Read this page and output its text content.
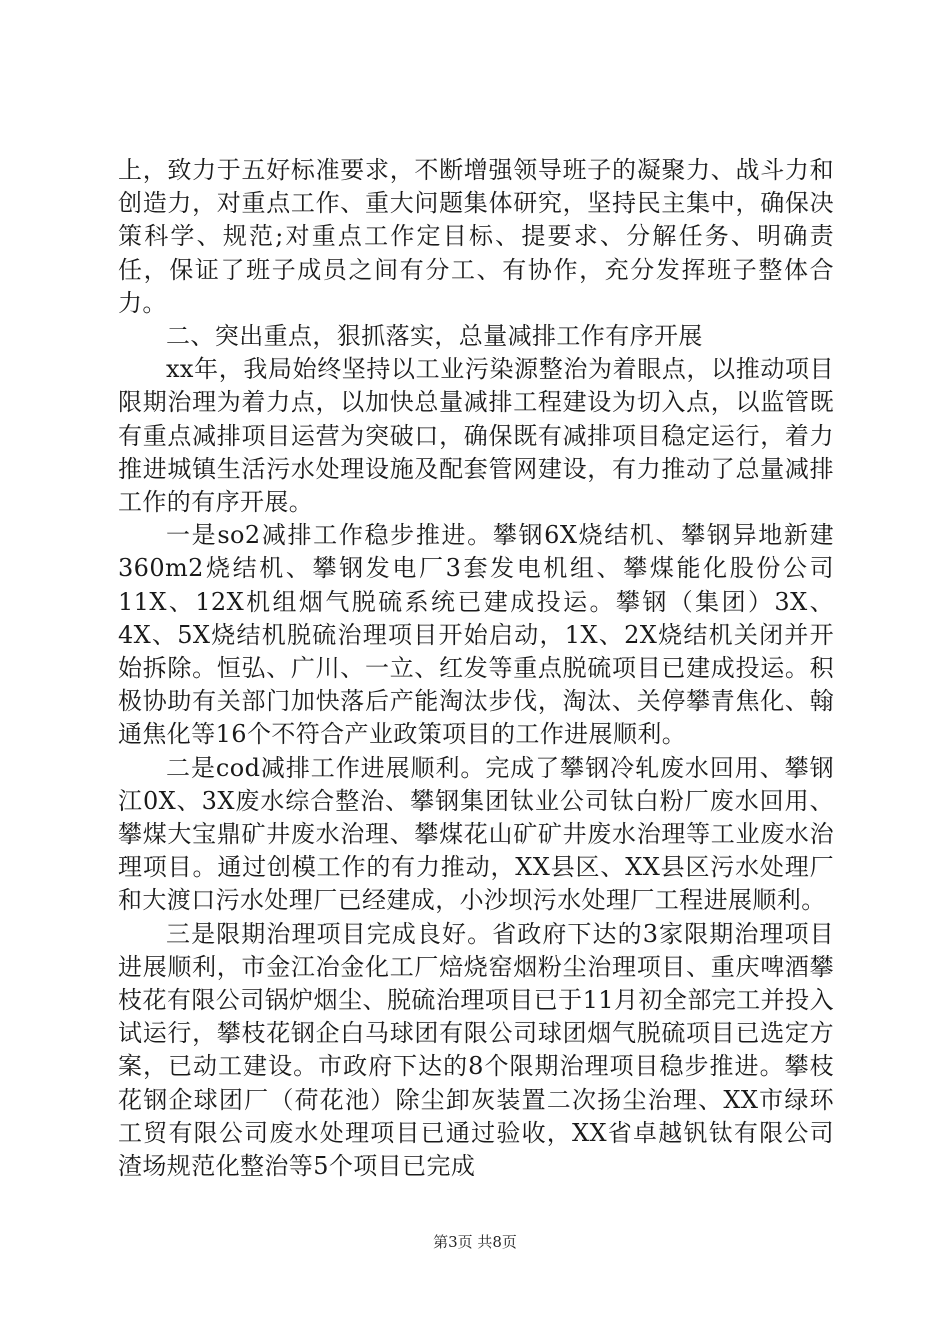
上，致力于五好标准要求，不断增强领导班子的凝聚力、战斗力和创造力，对重点工作、重大问题集体研究，坚持民主集中，确保决策科学、规范;对重点工作定目标、提要求、分解任务、明确责任，保证了班子成员之间有分工、有协作，充分发挥班子整体合力。

二、突出重点，狠抓落实，总量减排工作有序开展

xx年，我局始终坚持以工业污染源整治为着眼点，以推动项目限期治理为着力点，以加快总量减排工程建设为切入点，以监管既有重点减排项目运营为突破口，确保既有减排项目稳定运行，着力推进城镇生活污水处理设施及配套管网建设，有力推动了总量减排工作的有序开展。

一是so2减排工作稳步推进。攀钢6X烧结机、攀钢异地新建360m2烧结机、攀钢发电厂3套发电机组、攀煤能化股份公司11X、12X机组烟气脱硫系统已建成投运。攀钢（集团）3X、4X、5X烧结机脱硫治理项目开始启动，1X、2X烧结机关闭并开始拆除。恒弘、广川、一立、红发等重点脱硫项目已建成投运。积极协助有关部门加快落后产能淘汰步伐，淘汰、关停攀青焦化、翰通焦化等16个不符合产业政策项目的工作进展顺利。

二是cod减排工作进展顺利。完成了攀钢冷轧废水回用、攀钢江0X、3X废水综合整治、攀钢集团钛业公司钛白粉厂废水回用、攀煤大宝鼎矿井废水治理、攀煤花山矿矿井废水治理等工业废水治理项目。通过创模工作的有力推动，XX县区、XX县区污水处理厂和大渡口污水处理厂已经建成，小沙坝污水处理厂工程进展顺利。

三是限期治理项目完成良好。省政府下达的3家限期治理项目进展顺利，市金江冶金化工厂焙烧窑烟粉尘治理项目、重庆啤酒攀枝花有限公司锅炉烟尘、脱硫治理项目已于11月初全部完工并投入试运行，攀枝花钢企白马球团有限公司球团烟气脱硫项目已选定方案，已动工建设。市政府下达的8个限期治理项目稳步推进。攀枝花钢企球团厂（荷花池）除尘卸灰装置二次扬尘治理、XX市绿环工贸有限公司废水处理项目已通过验收，XX省卓越钒钛有限公司渣场规范化整治等5个项目已完成

第3页 共8页
